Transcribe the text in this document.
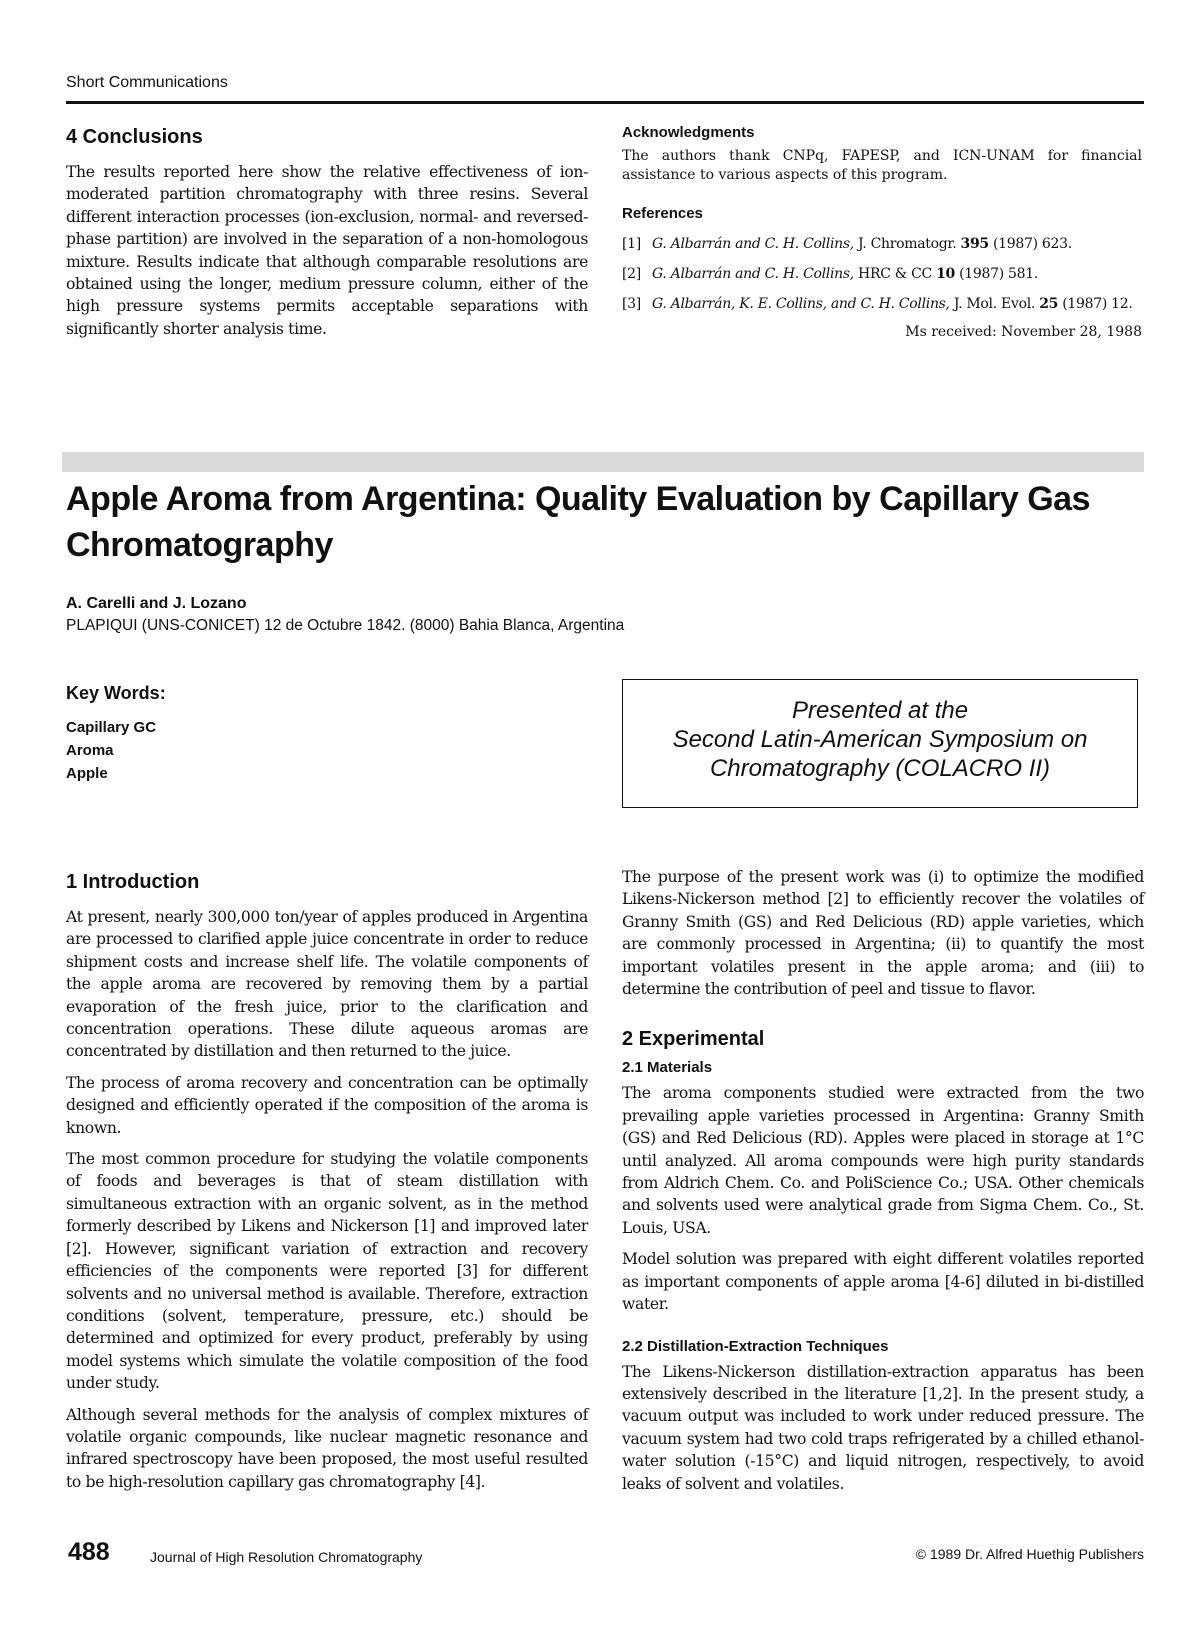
Short Communications
4 Conclusions

The results reported here show the relative effectiveness of ion-moderated partition chromatography with three resins. Several different interaction processes (ion-exclusion, normal- and reversed-phase partition) are involved in the separation of a non-homologous mixture. Results indicate that although comparable resolutions are obtained using the longer, medium pressure column, either of the high pressure systems permits acceptable separations with significantly shorter analysis time.

Acknowledgments

The authors thank CNPq, FAPESP, and ICN-UNAM for financial assistance to various aspects of this program.

References
[1] G. Albarrán and C. H. Collins, J. Chromatogr. 395 (1987) 623.
[2] G. Albarrán and C. H. Collins, HRC & CC 10 (1987) 581.
[3] G. Albarrán, K. E. Collins, and C. H. Collins, J. Mol. Evol. 25 (1987) 12.
Ms received: November 28, 1988
Apple Aroma from Argentina: Quality Evaluation by Capillary Gas Chromatography
A. Carelli and J. Lozano
PLAPIQUI (UNS-CONICET) 12 de Octubre 1842. (8000) Bahia Blanca, Argentina
Key Words:
Capillary GC
Aroma
Apple
Presented at the
Second Latin-American Symposium on
Chromatography (COLACRO II)
1 Introduction

At present, nearly 300,000 ton/year of apples produced in Argentina are processed to clarified apple juice concentrate in order to reduce shipment costs and increase shelf life. The volatile components of the apple aroma are recovered by removing them by a partial evaporation of the fresh juice, prior to the clarification and concentration operations. These dilute aqueous aromas are concentrated by distillation and then returned to the juice.

The process of aroma recovery and concentration can be optimally designed and efficiently operated if the composition of the aroma is known.

The most common procedure for studying the volatile components of foods and beverages is that of steam distillation with simultaneous extraction with an organic solvent, as in the method formerly described by Likens and Nickerson [1] and improved later [2]. However, significant variation of extraction and recovery efficiencies of the components were reported [3] for different solvents and no universal method is available. Therefore, extraction conditions (solvent, temperature, pressure, etc.) should be determined and optimized for every product, preferably by using model systems which simulate the volatile composition of the food under study.

Although several methods for the analysis of complex mixtures of volatile organic compounds, like nuclear magnetic resonance and infrared spectroscopy have been proposed, the most useful resulted to be high-resolution capillary gas chromatography [4].

The purpose of the present work was (i) to optimize the modified Likens-Nickerson method [2] to efficiently recover the volatiles of Granny Smith (GS) and Red Delicious (RD) apple varieties, which are commonly processed in Argentina; (ii) to quantify the most important volatiles present in the apple aroma; and (iii) to determine the contribution of peel and tissue to flavor.

2 Experimental
2.1 Materials

The aroma components studied were extracted from the two prevailing apple varieties processed in Argentina: Granny Smith (GS) and Red Delicious (RD). Apples were placed in storage at 1°C until analyzed. All aroma compounds were high purity standards from Aldrich Chem. Co. and PoliScience Co.; USA. Other chemicals and solvents used were analytical grade from Sigma Chem. Co., St. Louis, USA.

Model solution was prepared with eight different volatiles reported as important components of apple aroma [4-6] diluted in bi-distilled water.

2.2 Distillation-Extraction Techniques

The Likens-Nickerson distillation-extraction apparatus has been extensively described in the literature [1,2]. In the present study, a vacuum output was included to work under reduced pressure. The vacuum system had two cold traps refrigerated by a chilled ethanol-water solution (-15°C) and liquid nitrogen, respectively, to avoid leaks of solvent and volatiles.

488	Journal of High Resolution Chromatography	© 1989 Dr. Alfred Huethig Publishers
